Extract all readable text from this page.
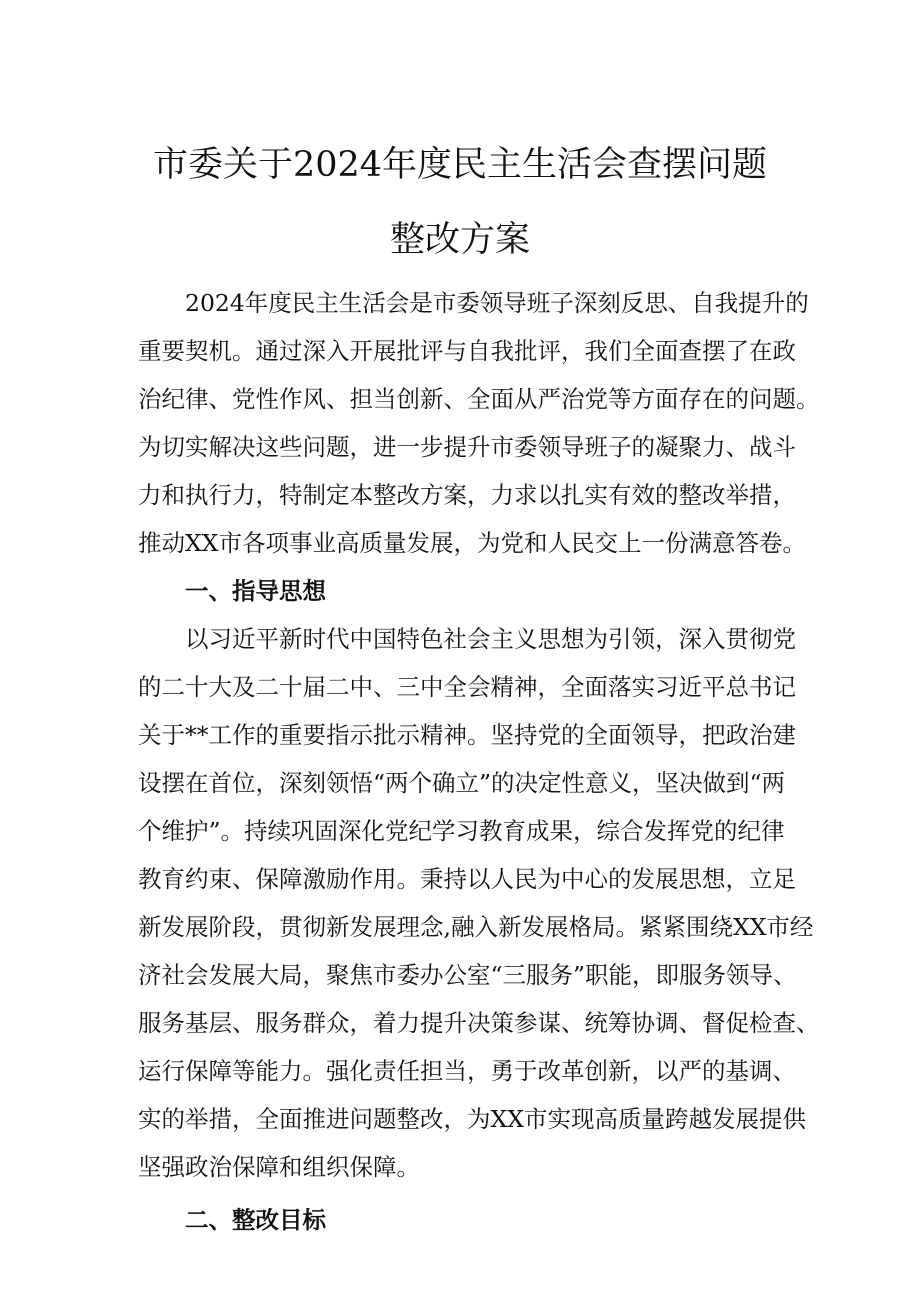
市委关于2024年度民主生活会查摆问题
整改方案
2024年度民主生活会是市委领导班子深刻反思、自我提升的
重要契机。通过深入开展批评与自我批评，我们全面查摆了在政
治纪律、党性作风、担当创新、全面从严治党等方面存在的问题。
为切实解决这些问题，进一步提升市委领导班子的凝聚力、战斗
力和执行力，特制定本整改方案，力求以扎实有效的整改举措，
推动XX市各项事业高质量发展，为党和人民交上一份满意答卷。
一、指导思想
以习近平新时代中国特色社会主义思想为引领，深入贯彻党
的二十大及二十届二中、三中全会精神，全面落实习近平总书记
关于**工作的重要指示批示精神。坚持党的全面领导，把政治建
设摆在首位，深刻领悟“两个确立”的决定性意义，坚决做到“两
个维护”。持续巩固深化党纪学习教育成果，综合发挥党的纪律
教育约束、保障激励作用。秉持以人民为中心的发展思想，立足
新发展阶段，贯彻新发展理念,融入新发展格局。紧紧围绕XX市经
济社会发展大局，聚焦市委办公室“三服务”职能，即服务领导、
服务基层、服务群众，着力提升决策参谋、统筹协调、督促检查、
运行保障等能力。强化责任担当，勇于改革创新，以严的基调、
实的举措，全面推进问题整改，为XX市实现高质量跨越发展提供
坚强政治保障和组织保障。
二、整改目标
